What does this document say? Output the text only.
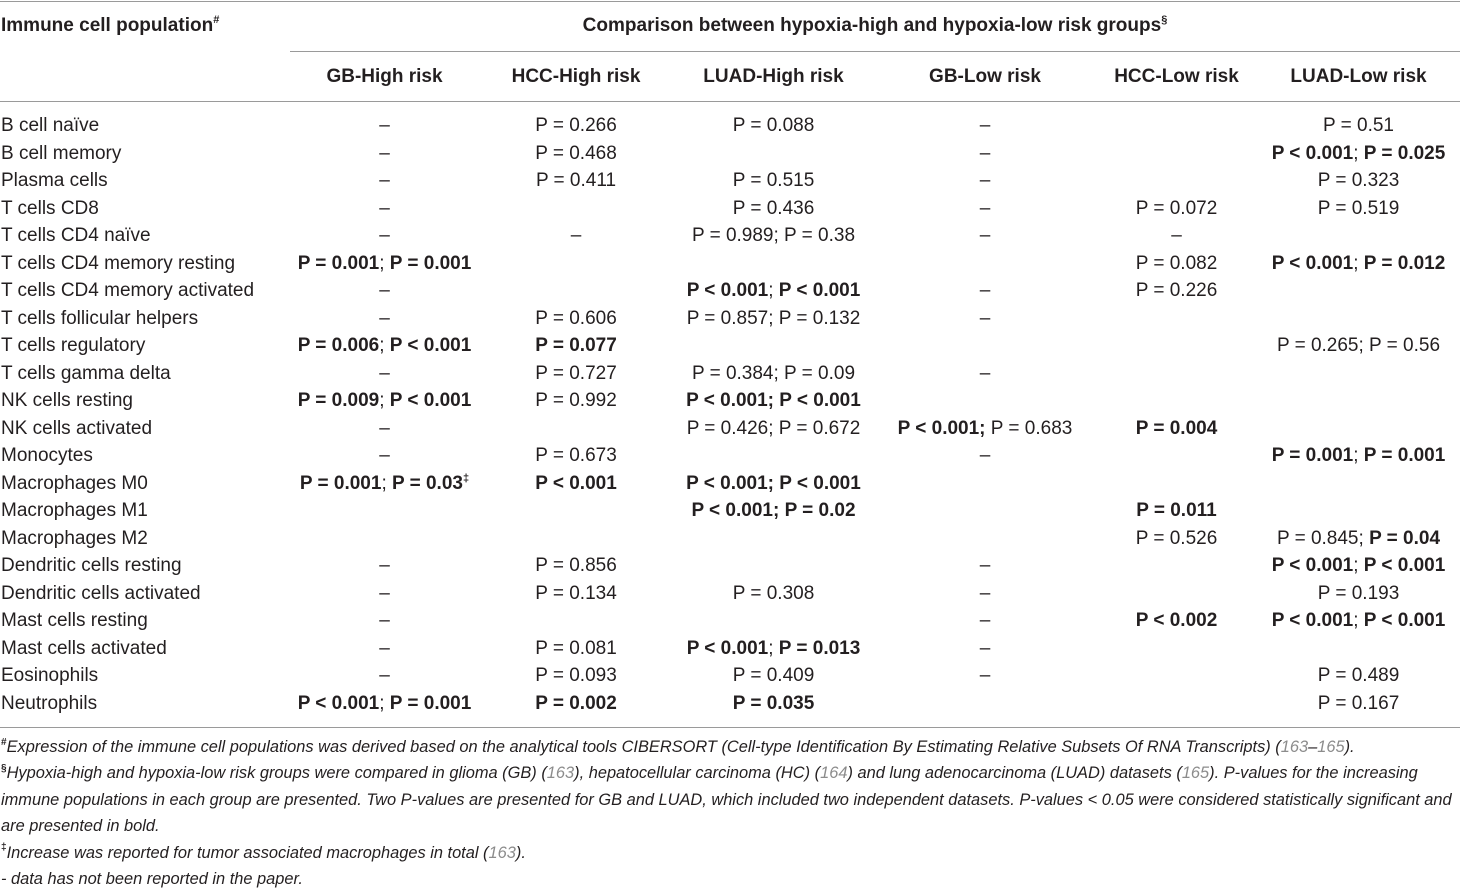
Immune cell population#	Comparison between hypoxia-high and hypoxia-low risk groups§
GB-High risk	HCC-High risk	LUAD-High risk	GB-Low risk	HCC-Low risk	LUAD-Low risk
B cell naïve	–	P = 0.266	P = 0.088	–		P = 0.51
B cell memory	–	P = 0.468		–		P < 0.001; P = 0.025
Plasma cells	–	P = 0.411	P = 0.515	–		P = 0.323
T cells CD8	–		P = 0.436	–	P = 0.072	P = 0.519
T cells CD4 naïve	–	–	P = 0.989; P = 0.38	–	–	
T cells CD4 memory resting	P = 0.001; P = 0.001				P = 0.082	P < 0.001; P = 0.012
T cells CD4 memory activated	–		P < 0.001; P < 0.001	–	P = 0.226	
T cells follicular helpers	–	P = 0.606	P = 0.857; P = 0.132	–		
T cells regulatory	P = 0.006; P < 0.001	P = 0.077				P = 0.265; P = 0.56
T cells gamma delta	–	P = 0.727	P = 0.384; P = 0.09	–		
NK cells resting	P = 0.009; P < 0.001	P = 0.992	P < 0.001; P < 0.001			
NK cells activated	–		P = 0.426; P = 0.672	P < 0.001; P = 0.683	P = 0.004	
Monocytes	–	P = 0.673		–		P = 0.001; P = 0.001
Macrophages M0	P = 0.001; P = 0.03‡	P < 0.001	P < 0.001; P < 0.001			
Macrophages M1			P < 0.001; P = 0.02		P = 0.011	
Macrophages M2					P = 0.526	P = 0.845; P = 0.04
Dendritic cells resting	–	P = 0.856		–		P < 0.001; P < 0.001
Dendritic cells activated	–	P = 0.134	P = 0.308	–		P = 0.193
Mast cells resting	–			–	P < 0.002	P < 0.001; P < 0.001
Mast cells activated	–	P = 0.081	P < 0.001; P = 0.013	–		
Eosinophils	–	P = 0.093	P = 0.409	–		P = 0.489
Neutrophils	P < 0.001; P = 0.001	P = 0.002	P = 0.035			P = 0.167
#Expression of the immune cell populations was derived based on the analytical tools CIBERSORT (Cell-type Identification By Estimating Relative Subsets Of RNA Transcripts) (163–165).
§Hypoxia-high and hypoxia-low risk groups were compared in glioma (GB) (163), hepatocellular carcinoma (HC) (164) and lung adenocarcinoma (LUAD) datasets (165). P-values for the increasing immune populations in each group are presented. Two P-values are presented for GB and LUAD, which included two independent datasets. P-values < 0.05 were considered statistically significant and are presented in bold.
‡Increase was reported for tumor associated macrophages in total (163).
- data has not been reported in the paper.
